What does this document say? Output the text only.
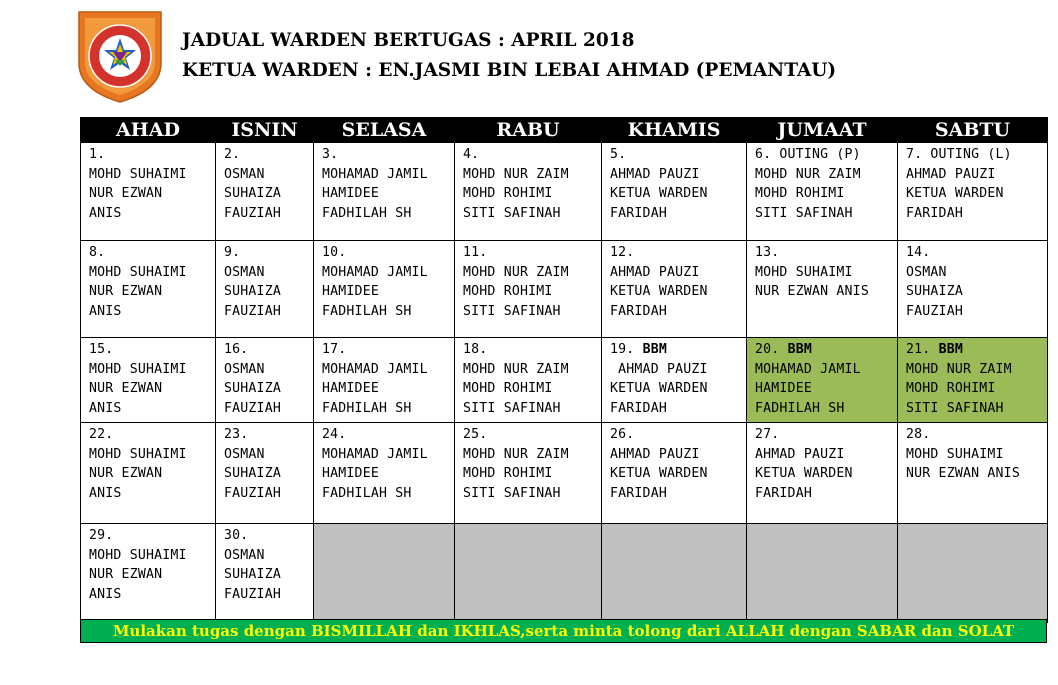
JADUAL WARDEN BERTUGAS : APRIL 2018
KETUA WARDEN : EN.JASMI BIN LEBAI AHMAD (PEMANTAU)
AHAD	ISNIN	SELASA	RABU	KHAMIS	JUMAAT	SABTU

1.
MOHD SUHAIMI
NUR EZWAN
ANIS	2.
OSMAN
SUHAIZA
FAUZIAH	3.
MOHAMAD JAMIL
HAMIDEE
FADHILAH SH	4.
MOHD NUR ZAIM
MOHD ROHIMI
SITI SAFINAH	5.
AHMAD PAUZI
KETUA WARDEN
FARIDAH	6. OUTING (P)
MOHD NUR ZAIM
MOHD ROHIMI
SITI SAFINAH	7. OUTING (L)
AHMAD PAUZI
KETUA WARDEN
FARIDAH

8.
MOHD SUHAIMI
NUR EZWAN
ANIS	9.
OSMAN
SUHAIZA
FAUZIAH	10.
MOHAMAD JAMIL
HAMIDEE
FADHILAH SH	11.
MOHD NUR ZAIM
MOHD ROHIMI
SITI SAFINAH	12.
AHMAD PAUZI
KETUA WARDEN
FARIDAH	13.
MOHD SUHAIMI
NUR EZWAN ANIS	14.
OSMAN
SUHAIZA
FAUZIAH

15.
MOHD SUHAIMI
NUR EZWAN
ANIS	16.
OSMAN
SUHAIZA
FAUZIAH	17.
MOHAMAD JAMIL
HAMIDEE
FADHILAH SH	18.
MOHD NUR ZAIM
MOHD ROHIMI
SITI SAFINAH	19. BBM
AHMAD PAUZI
KETUA WARDEN
FARIDAH	20. BBM
MOHAMAD JAMIL
HAMIDEE
FADHILAH SH	21. BBM
MOHD NUR ZAIM
MOHD ROHIMI
SITI SAFINAH

22.
MOHD SUHAIMI
NUR EZWAN
ANIS	23.
OSMAN
SUHAIZA
FAUZIAH	24.
MOHAMAD JAMIL
HAMIDEE
FADHILAH SH	25.
MOHD NUR ZAIM
MOHD ROHIMI
SITI SAFINAH	26.
AHMAD PAUZI
KETUA WARDEN
FARIDAH	27.
AHMAD PAUZI
KETUA WARDEN
FARIDAH	28.
MOHD SUHAIMI
NUR EZWAN ANIS

29.
MOHD SUHAIMI
NUR EZWAN
ANIS	30.
OSMAN
SUHAIZA
FAUZIAH					

Mulakan tugas dengan BISMILLAH dan IKHLAS,serta minta tolong dari ALLAH dengan SABAR dan SOLAT
